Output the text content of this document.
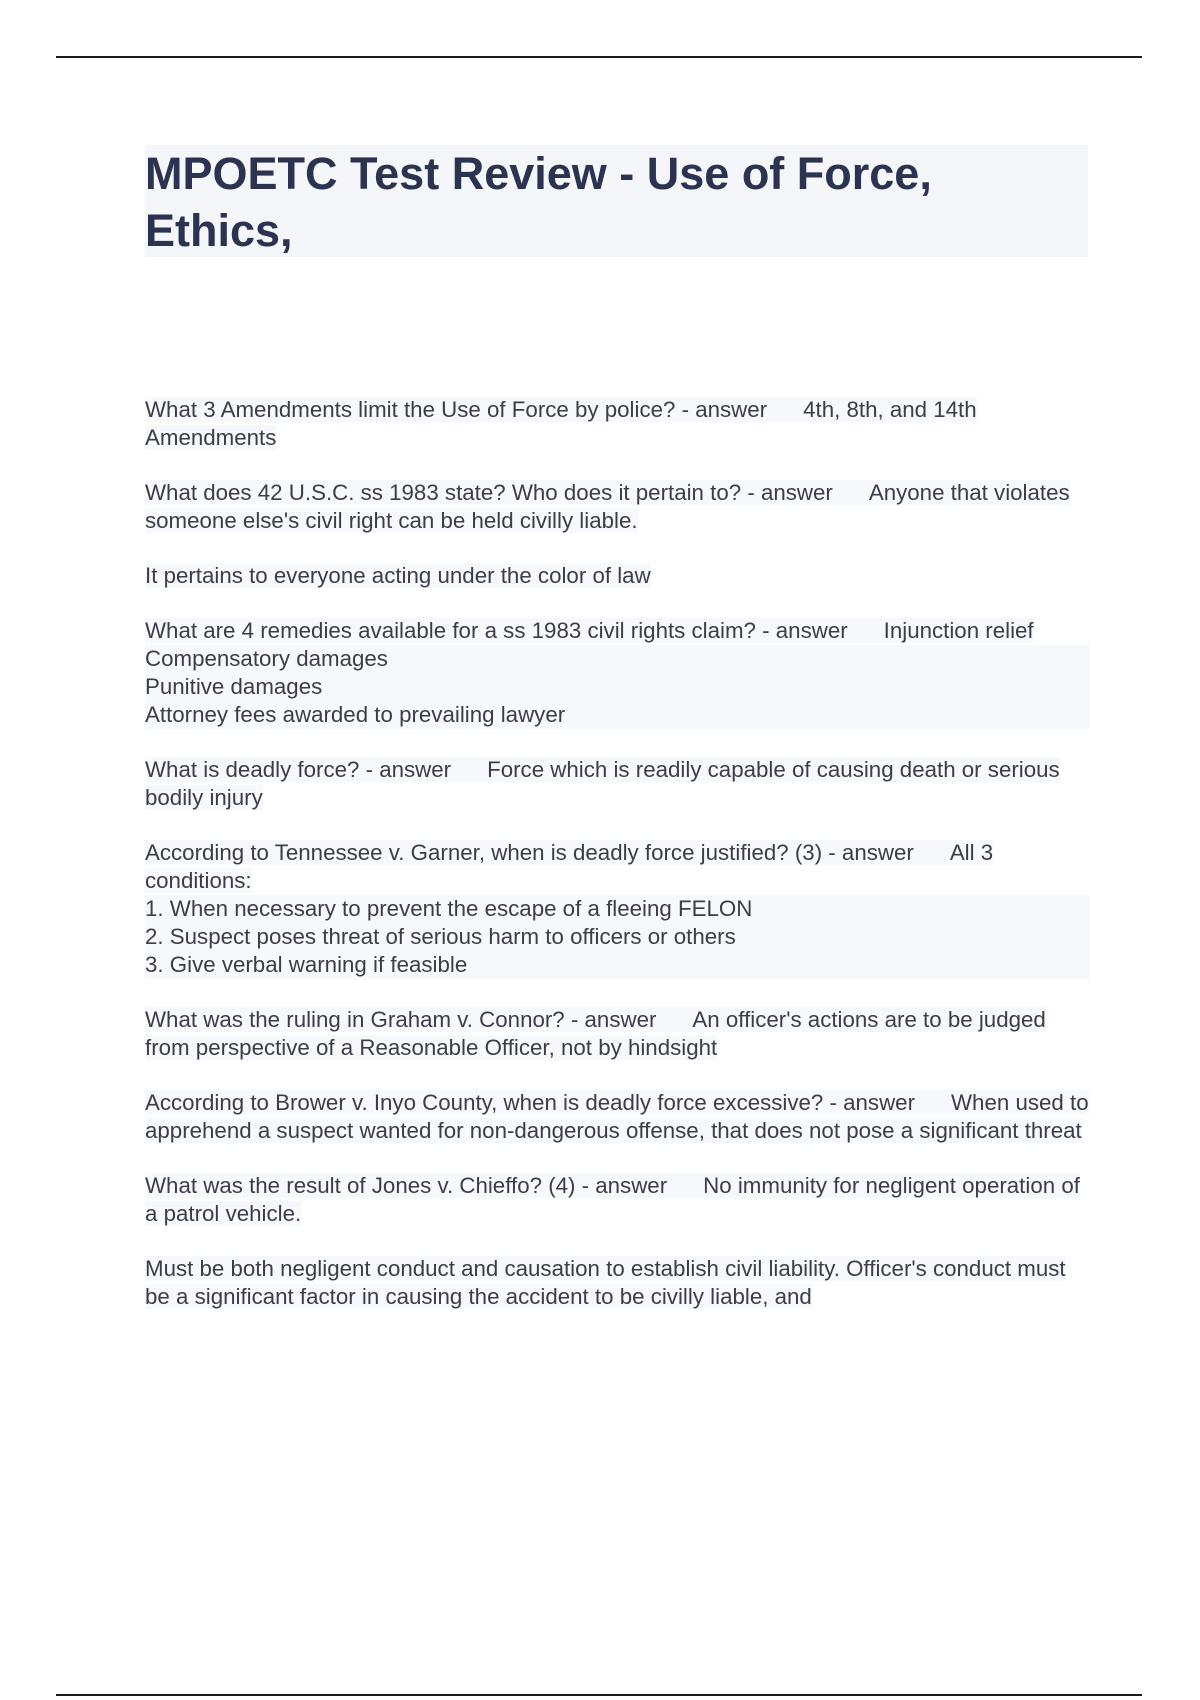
MPOETC Test Review - Use of Force, Ethics,
What 3 Amendments limit the Use of Force by police? - answer 4th, 8th, and 14th Amendments
What does 42 U.S.C. ss 1983 state? Who does it pertain to? - answer Anyone that violates someone else's civil right can be held civilly liable.
It pertains to everyone acting under the color of law
What are 4 remedies available for a ss 1983 civil rights claim? - answer Injunction relief
Compensatory damages
Punitive damages
Attorney fees awarded to prevailing lawyer
What is deadly force? - answer Force which is readily capable of causing death or serious bodily injury
According to Tennessee v. Garner, when is deadly force justified? (3) - answer All 3 conditions:
1. When necessary to prevent the escape of a fleeing FELON
2. Suspect poses threat of serious harm to officers or others
3. Give verbal warning if feasible
What was the ruling in Graham v. Connor? - answer An officer's actions are to be judged from perspective of a Reasonable Officer, not by hindsight
According to Brower v. Inyo County, when is deadly force excessive? - answer When used to apprehend a suspect wanted for non-dangerous offense, that does not pose a significant threat
What was the result of Jones v. Chieffo? (4) - answer No immunity for negligent operation of a patrol vehicle.
Must be both negligent conduct and causation to establish civil liability. Officer's conduct must be a significant factor in causing the accident to be civilly liable, and
